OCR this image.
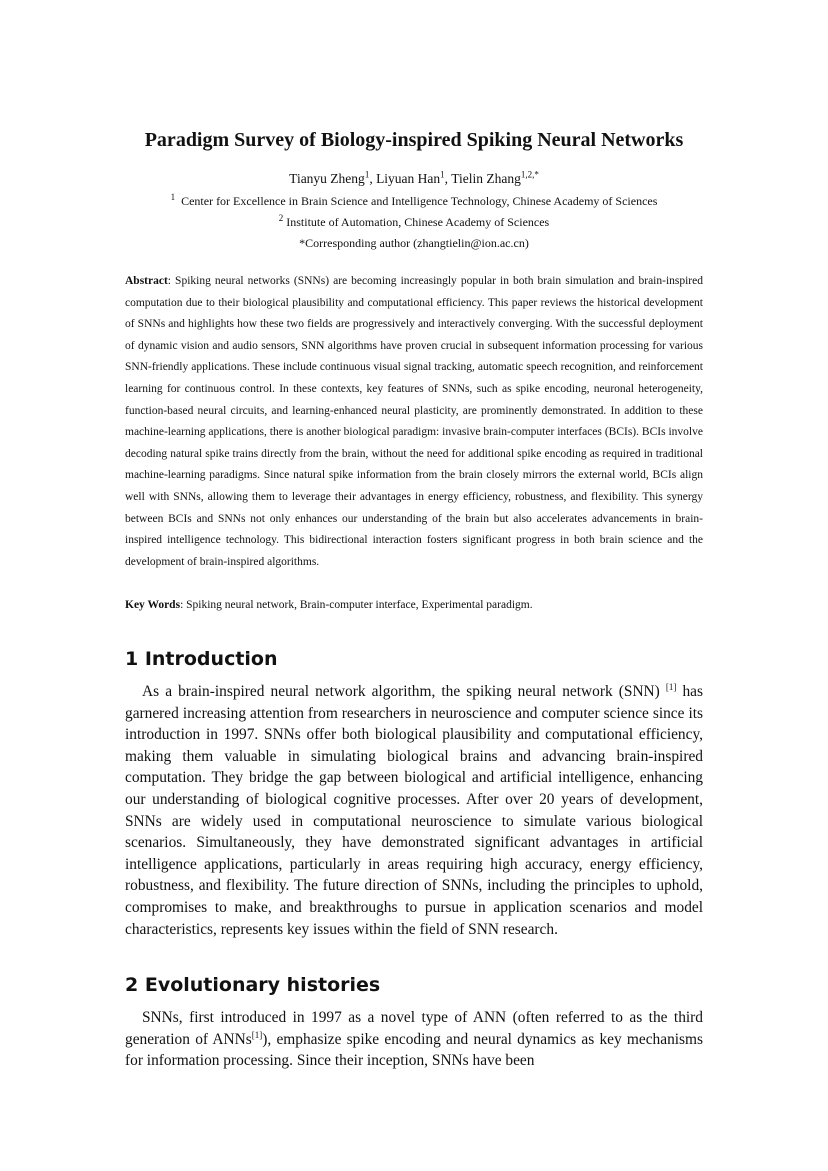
Paradigm Survey of Biology-inspired Spiking Neural Networks
Tianyu Zheng$^1$, Liyuan Han$^1$, Tielin Zhang$^{1,2,*}$
$^1$ Center for Excellence in Brain Science and Intelligence Technology, Chinese Academy of Sciences
$^2$ Institute of Automation, Chinese Academy of Sciences
*Corresponding author (zhangtielin@ion.ac.cn)

Abstract: Spiking neural networks (SNNs) are becoming increasingly popular in both brain simulation and brain-inspired computation due to their biological plausibility and computational efficiency. This paper reviews the historical development of SNNs and highlights how these two fields are progressively and interactively converging. With the successful deployment of dynamic vision and audio sensors, SNN algorithms have proven crucial in subsequent information processing for various SNN-friendly applications. These include continuous visual signal tracking, automatic speech recognition, and reinforcement learning for continuous control. In these contexts, key features of SNNs, such as spike encoding, neuronal heterogeneity, function-based neural circuits, and learning-enhanced neural plasticity, are prominently demonstrated. In addition to these machine-learning applications, there is another biological paradigm: invasive brain-computer interfaces (BCIs). BCIs involve decoding natural spike trains directly from the brain, without the need for additional spike encoding as required in traditional machine-learning paradigms. Since natural spike information from the brain closely mirrors the external world, BCIs align well with SNNs, allowing them to leverage their advantages in energy efficiency, robustness, and flexibility. This synergy between BCIs and SNNs not only enhances our understanding of the brain but also accelerates advancements in brain-inspired intelligence technology. This bidirectional interaction fosters significant progress in both brain science and the development of brain-inspired algorithms.

Key Words: Spiking neural network, Brain-computer interface, Experimental paradigm.

1 Introduction

As a brain-inspired neural network algorithm, the spiking neural network (SNN) [1] has garnered increasing attention from researchers in neuroscience and computer science since its introduction in 1997. SNNs offer both biological plausibility and computational efficiency, making them valuable in simulating biological brains and advancing brain-inspired computation. They bridge the gap between biological and artificial intelligence, enhancing our understanding of biological cognitive processes. After over 20 years of development, SNNs are widely used in computational neuroscience to simulate various biological scenarios. Simultaneously, they have demonstrated significant advantages in artificial intelligence applications, particularly in areas requiring high accuracy, energy efficiency, robustness, and flexibility. The future direction of SNNs, including the principles to uphold, compromises to make, and breakthroughs to pursue in application scenarios and model characteristics, represents key issues within the field of SNN research.

2 Evolutionary histories

SNNs, first introduced in 1997 as a novel type of ANN (often referred to as the third generation of ANNs[1]), emphasize spike encoding and neural dynamics as key mechanisms for information processing. Since their inception, SNNs have been
